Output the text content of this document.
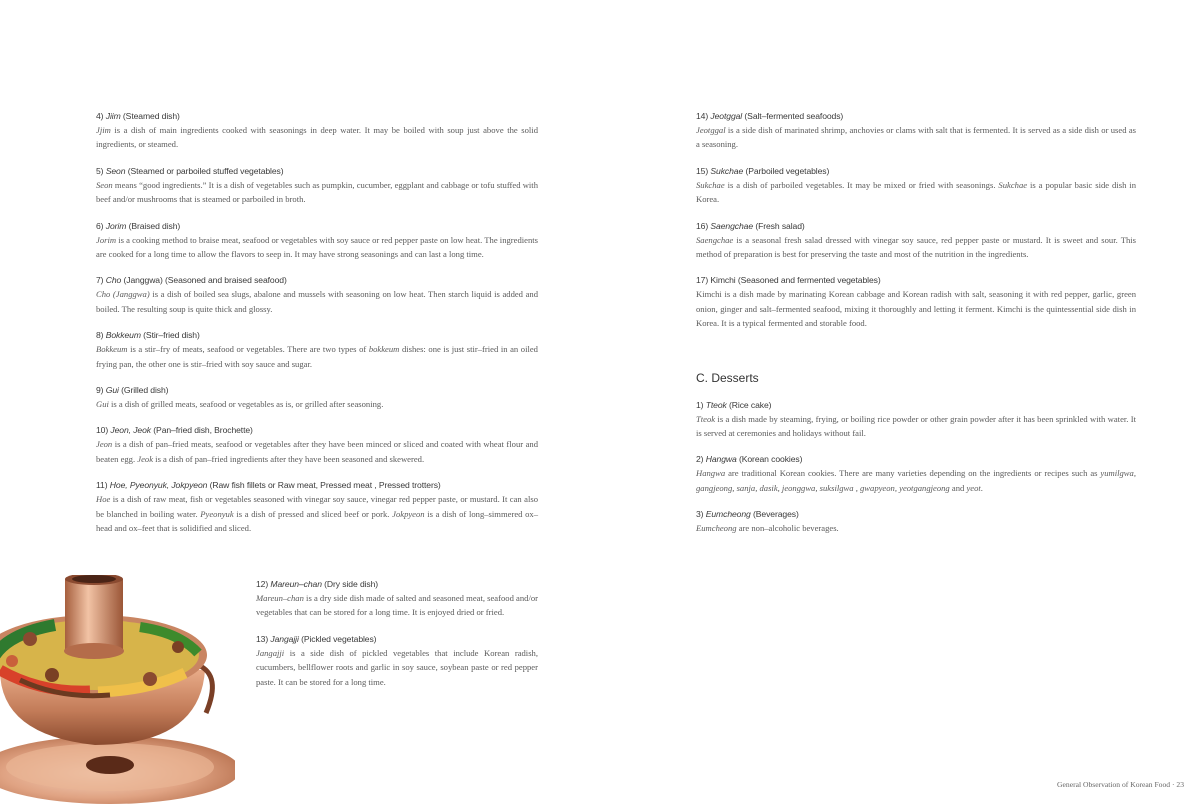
4) Jiim (Steamed dish)
Jjim is a dish of main ingredients cooked with seasonings in deep water. It may be boiled with soup just above the solid ingredients, or steamed.
5) Seon (Steamed or parboiled stuffed vegetables)
Seon means “good ingredients.” It is a dish of vegetables such as pumpkin, cucumber, eggplant and cabbage or tofu stuffed with beef and/or mushrooms that is steamed or parboiled in broth.
6) Jorim (Braised dish)
Jorim is a cooking method to braise meat, seafood or vegetables with soy sauce or red pepper paste on low heat. The ingredients are cooked for a long time to allow the flavors to seep in. It may have strong seasonings and can last a long time.
7) Cho (Janggwa) (Seasoned and braised seafood)
Cho (Janggwa) is a dish of boiled sea slugs, abalone and mussels with seasoning on low heat. Then starch liquid is added and boiled. The resulting soup is quite thick and glossy.
8) Bokkeum (Stir–fried dish)
Bokkeum is a stir–fry of meats, seafood or vegetables. There are two types of bokkeum dishes: one is just stir–fried in an oiled frying pan, the other one is stir–fried with soy sauce and sugar.
9) Gui (Grilled dish)
Gui is a dish of grilled meats, seafood or vegetables as is, or grilled after seasoning.
10) Jeon, Jeok (Pan–fried dish, Brochette)
Jeon is a dish of pan–fried meats, seafood or vegetables after they have been minced or sliced and coated with wheat flour and beaten egg. Jeok is a dish of pan–fried ingredients after they have been seasoned and skewered.
11) Hoe, Pyeonyuk, Jokpyeon (Raw fish fillets or Raw meat, Pressed meat , Pressed trotters)
Hoe is a dish of raw meat, fish or vegetables seasoned with vinegar soy sauce, vinegar red pepper paste, or mustard. It can also be blanched in boiling water. Pyeonyuk is a dish of pressed and sliced beef or pork. Jokpyeon is a dish of long–simmered ox–head and ox–feet that is solidified and sliced.
12) Mareun–chan (Dry side dish)
Mareun–chan is a dry side dish made of salted and seasoned meat, seafood and/or vegetables that can be stored for a long time. It is enjoyed dried or fried.
13) Jangajji (Pickled vegetables)
Jangajji is a side dish of pickled vegetables that include Korean radish, cucumbers, bellflower roots and garlic in soy sauce, soybean paste or red pepper paste. It can be stored for a long time.
14) Jeotggal (Salt–fermented seafoods)
Jeotggal is a side dish of marinated shrimp, anchovies or clams with salt that is fermented. It is served as a side dish or used as a seasoning.
15) Sukchae (Parboiled vegetables)
Sukchae is a dish of parboiled vegetables. It may be mixed or fried with seasonings. Sukchae is a popular basic side dish in Korea.
16) Saengchae (Fresh salad)
Saengchae is a seasonal fresh salad dressed with vinegar soy sauce, red pepper paste or mustard. It is sweet and sour. This method of preparation is best for preserving the taste and most of the nutrition in the ingredients.
17) Kimchi (Seasoned and fermented vegetables)
Kimchi is a dish made by marinating Korean cabbage and Korean radish with salt, seasoning it with red pepper, garlic, green onion, ginger and salt–fermented seafood, mixing it thoroughly and letting it ferment. Kimchi is the quintessential side dish in Korea. It is a typical fermented and storable food.
C. Desserts
1) Tteok (Rice cake)
Tteok is a dish made by steaming, frying, or boiling rice powder or other grain powder after it has been sprinkled with water. It is served at ceremonies and holidays without fail.
2) Hangwa (Korean cookies)
Hangwa are traditional Korean cookies. There are many varieties depending on the ingredients or recipes such as yumilgwa, gangjeong, sanja, dasik, jeonggwa, suksilgwa , gwapyeon, yeotgangjeong and yeot.
3) Eumcheong (Beverages)
Eumcheong are non–alcoholic beverages.
General Observation of Korean Food · 23
